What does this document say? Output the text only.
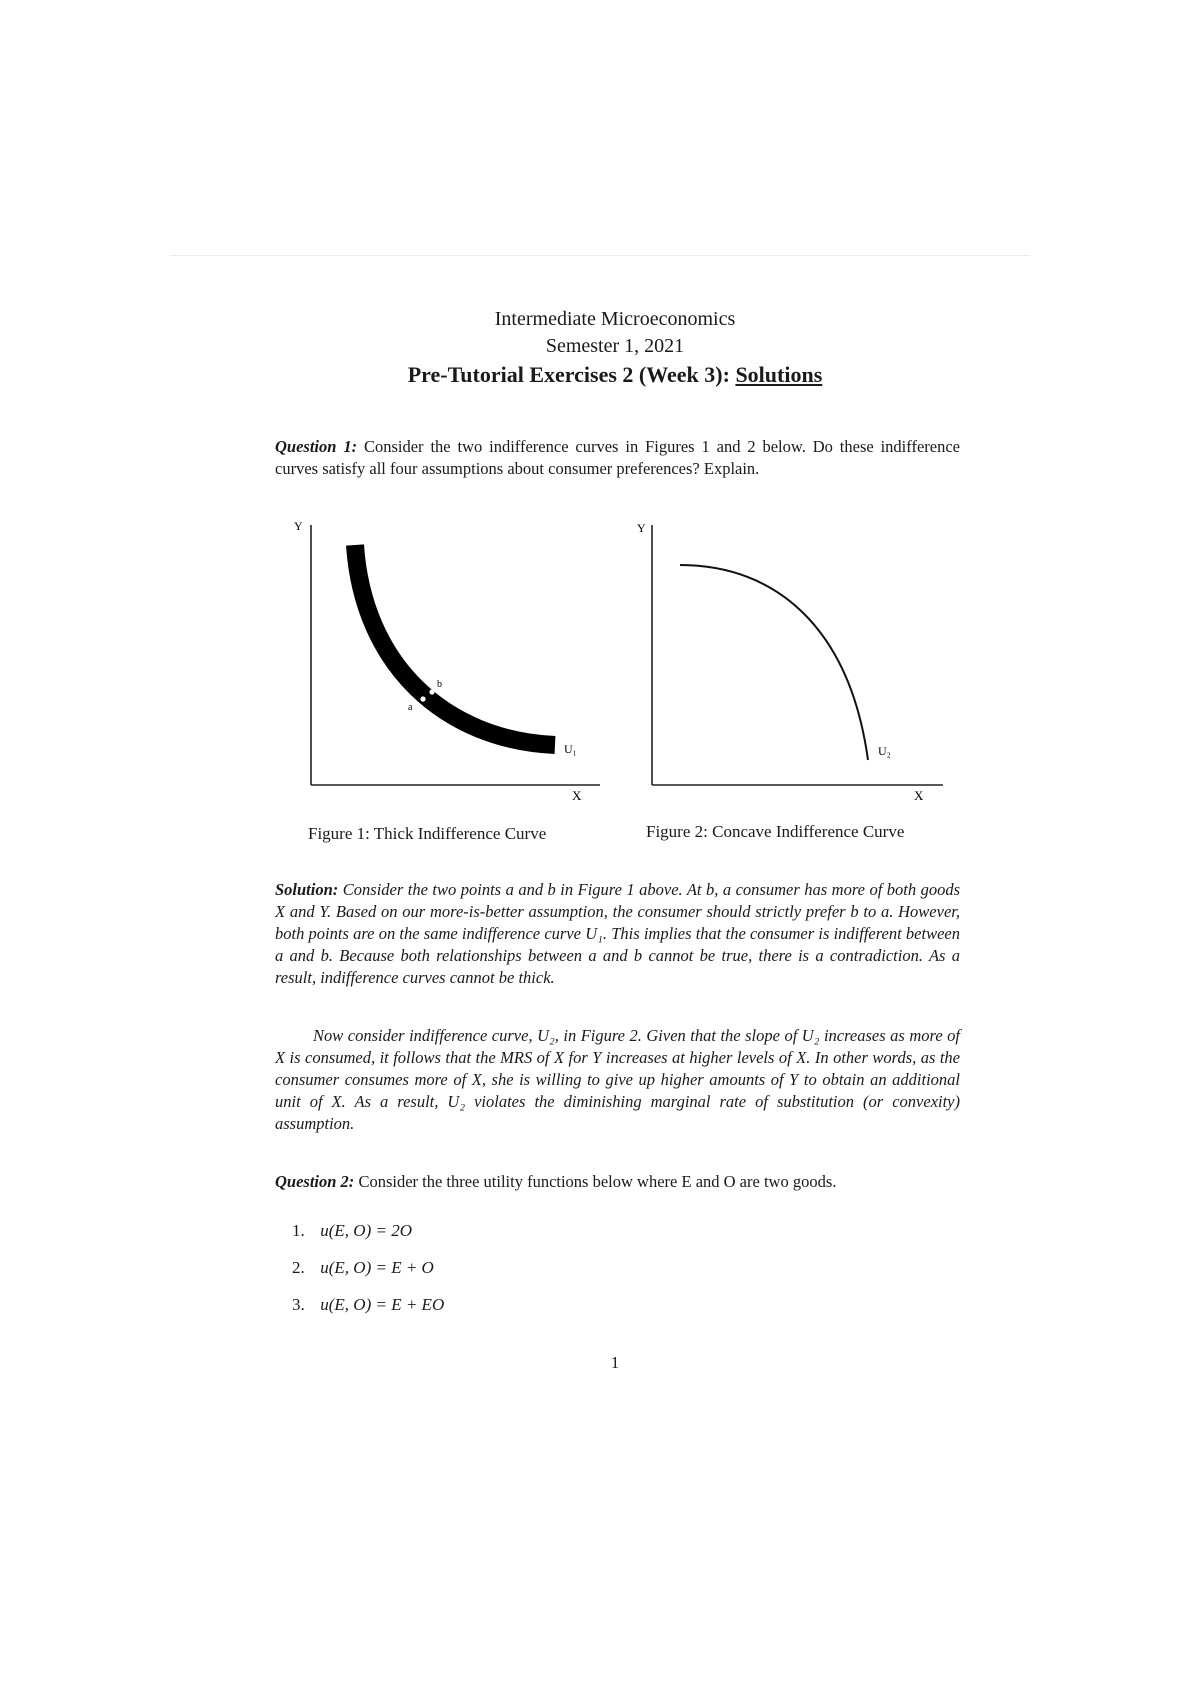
Intermediate Microeconomics
Semester 1, 2021
Pre-Tutorial Exercises 2 (Week 3): Solutions
Question 1: Consider the two indifference curves in Figures 1 and 2 below. Do these indifference curves satisfy all four assumptions about consumer preferences? Explain.
Y
a
b
U₁
X
Y
U₂
X
Figure 1: Thick Indifference Curve	Figure 2: Concave Indifference Curve
Solution: Consider the two points a and b in Figure 1 above. At b, a consumer has more of both goods X and Y. Based on our more-is-better assumption, the consumer should strictly prefer b to a. However, both points are on the same indifference curve U₁. This implies that the consumer is indifferent between a and b. Because both relationships between a and b cannot be true, there is a contradiction. As a result, indifference curves cannot be thick.
Now consider indifference curve, U₂, in Figure 2. Given that the slope of U₂ increases as more of X is consumed, it follows that the MRS of X for Y increases at higher levels of X. In other words, as the consumer consumes more of X, she is willing to give up higher amounts of Y to obtain an additional unit of X. As a result, U₂ violates the diminishing marginal rate of substitution (or convexity) assumption.
Question 2: Consider the three utility functions below where E and O are two goods.
1. u(E, O) = 2O
2. u(E, O) = E + O
3. u(E, O) = E + EO
1
